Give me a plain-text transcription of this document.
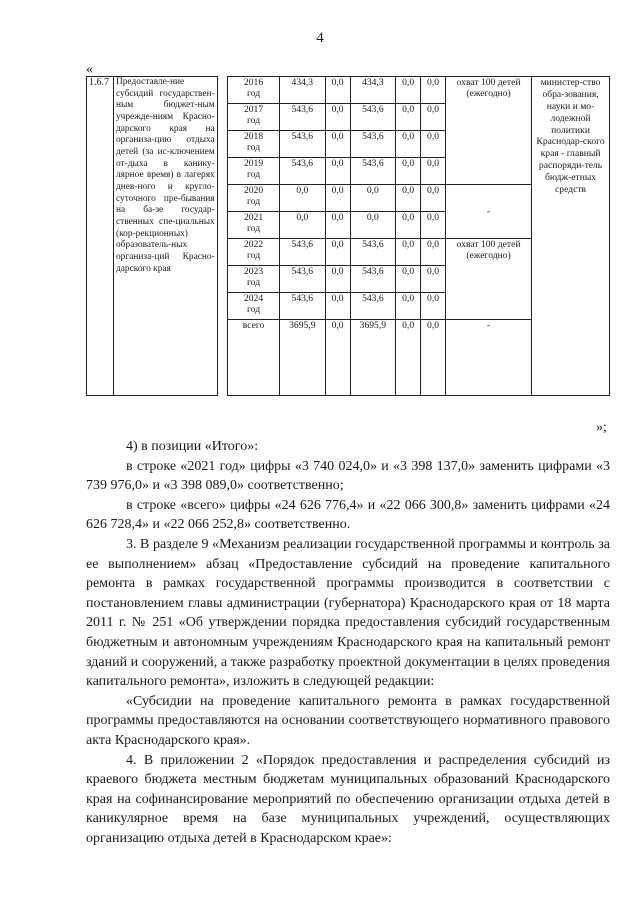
4
«
1.6.7	Предоставле-ние субсидий государствен-ным бюджет-ным учрежде-ниям Красно-дарского края на организа-цию отдыха детей (за ис-ключением от-дыха в канику-лярное время) в лагерях днев-ного и кругло-суточного пре-бывания на ба-зе государ-ственных спе-циальных (кор-рекционных) образователь-ных организа-ций Красно-дарского края		2016
год	434,3	0,0	434,3	0,0	0,0	охват 100 детей (ежегодно)	министер-ство обра-зования, науки и мо-лодежной политики Краснодар-ского края - главный распоряди-тель бюдж-етных средств

			2017
год	543,6	0,0	543,6	0,0	0,0		

			2018
год	543,6	0,0	543,6	0,0	0,0		

			2019
год	543,6	0,0	543,6	0,0	0,0		

			2020
год	0,0	0,0	0,0	0,0	0,0	-	

			2021
год	0,0	0,0	0,0	0,0	0,0		

			2022
год	543,6	0,0	543,6	0,0	0,0	охват 100 детей (ежегодно)	

			2023
год	543,6	0,0	543,6	0,0	0,0		

			2024
год	543,6	0,0	543,6	0,0	0,0		

			всего	3695,9	0,0	3695,9	0,0	0,0	-	
»;

4) в позиции «Итого»:

в строке «2021 год» цифры «3 740 024,0» и «3 398 137,0» заменить цифрами «3 739 976,0» и «3 398 089,0» соответственно;

в строке «всего» цифры «24 626 776,4» и «22 066 300,8» заменить цифрами «24 626 728,4» и «22 066 252,8» соответственно.

3. В разделе 9 «Механизм реализации государственной программы и контроль за ее выполнением» абзац «Предоставление субсидий на проведение капитального ремонта в рамках государственной программы производится в соответствии с постановлением главы администрации (губернатора) Краснодарского края от 18 марта 2011 г. № 251 «Об утверждении порядка предоставления субсидий государственным бюджетным и автономным учреждениям Краснодарского края на капитальный ремонт зданий и сооружений, а также разработку проектной документации в целях проведения капитального ремонта», изложить в следующей редакции:

«Субсидии на проведение капитального ремонта в рамках государственной программы предоставляются на основании соответствующего нормативного правового акта Краснодарского края».

4. В приложении 2 «Порядок предоставления и распределения субсидий из краевого бюджета местным бюджетам муниципальных образований Краснодарского края на софинансирование мероприятий по обеспечению организации отдыха детей в каникулярное время на базе муниципальных учреждений, осуществляющих организацию отдыха детей в Краснодарском крае»:
